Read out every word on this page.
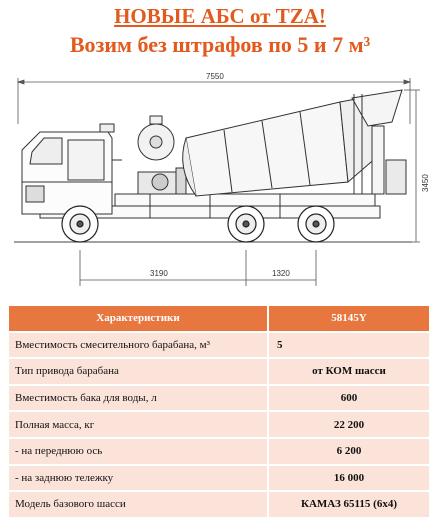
НОВЫЕ АБС от TZA!
Возим без штрафов по 5 и 7 м³
7550
3450
3190	1320
Характеристики	58145Y
Вместимость смесительного барабана, м³	5
Тип привода барабана	от КОМ шасси
Вместимость бака для воды, л	600
Полная масса, кг	22 200
- на переднюю ось	6 200
- на заднюю тележку	16 000
Модель базового шасси	КАМАЗ 65115 (6x4)
